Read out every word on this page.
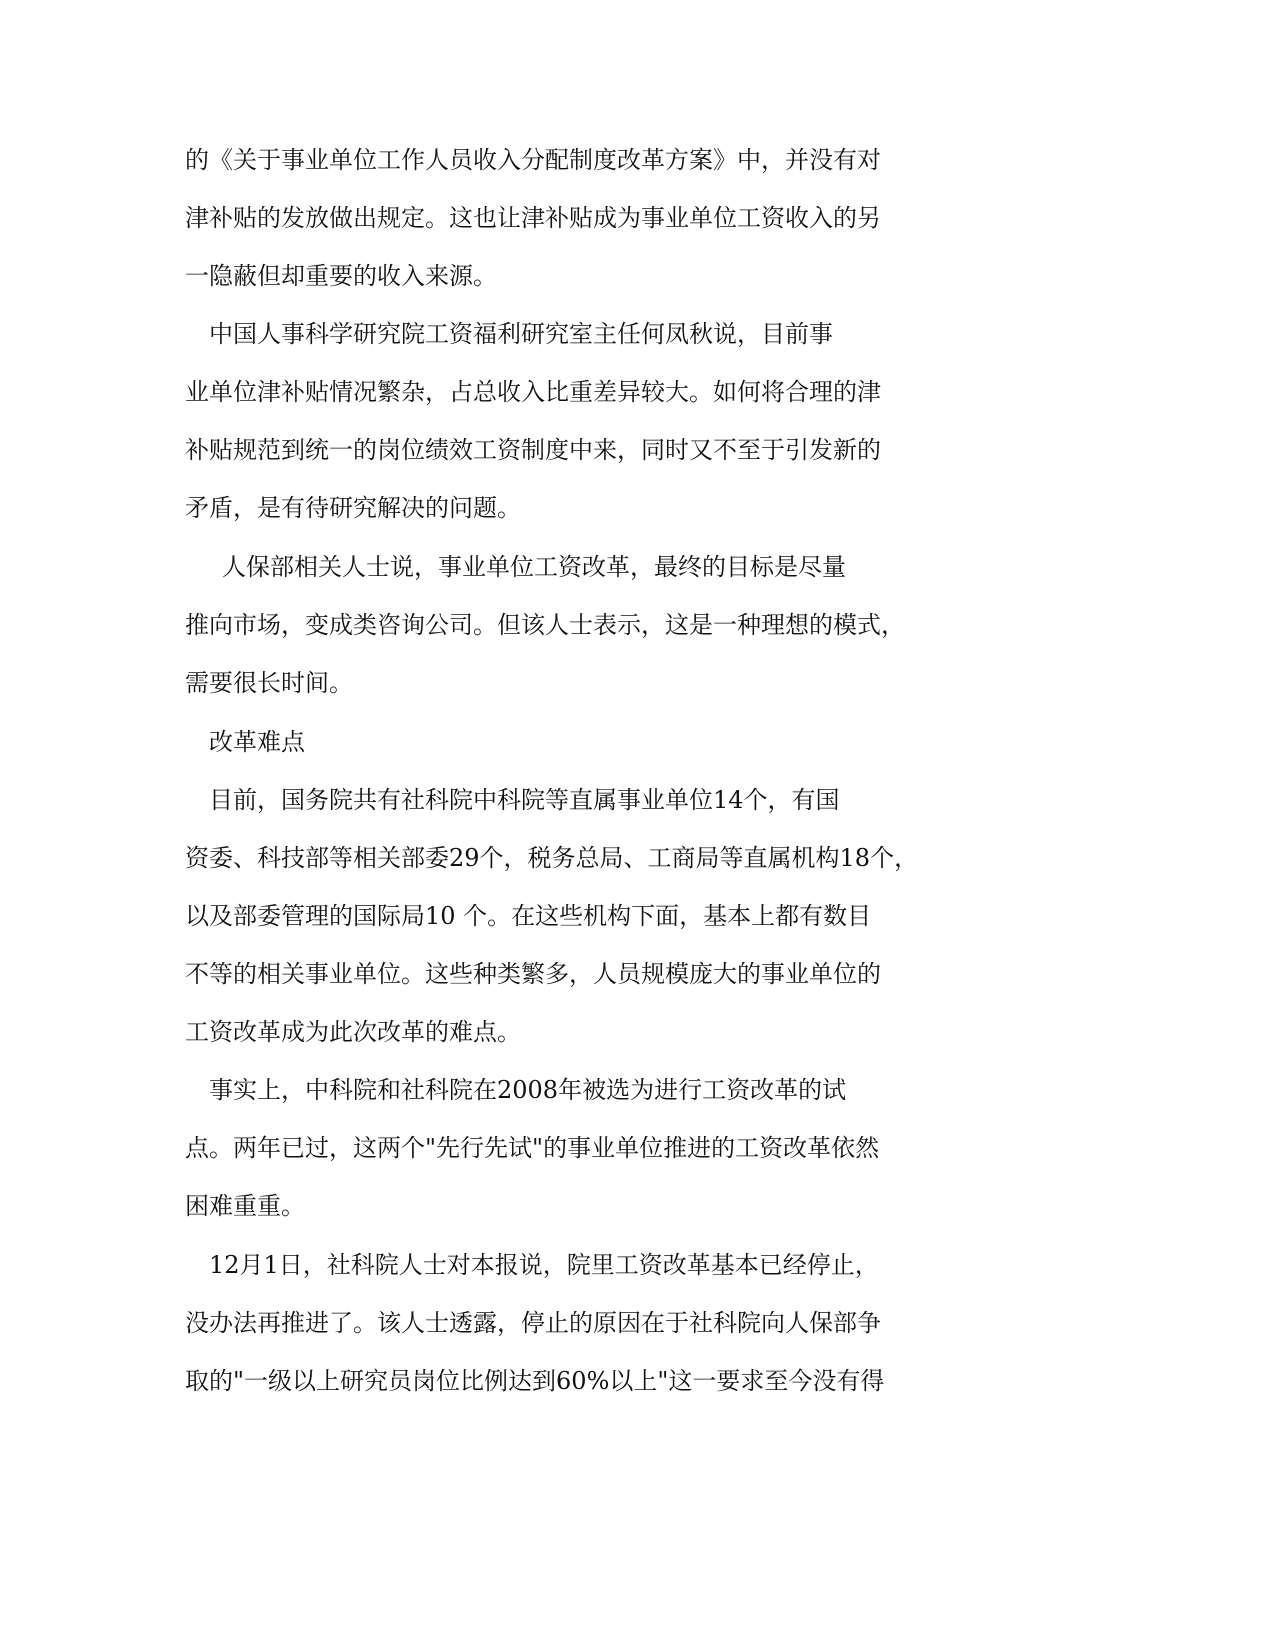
的《关于事业单位工作人员收入分配制度改革方案》中，并没有对

津补贴的发放做出规定。这也让津补贴成为事业单位工资收入的另

一隐蔽但却重要的收入来源。

中国人事科学研究院工资福利研究室主任何凤秋说，目前事

业单位津补贴情况繁杂，占总收入比重差异较大。如何将合理的津

补贴规范到统一的岗位绩效工资制度中来，同时又不至于引发新的

矛盾，是有待研究解决的问题。

人保部相关人士说，事业单位工资改革，最终的目标是尽量

推向市场，变成类咨询公司。但该人士表示，这是一种理想的模式，

需要很长时间。

改革难点

目前，国务院共有社科院中科院等直属事业单位14个，有国

资委、科技部等相关部委29个，税务总局、工商局等直属机构18个，

以及部委管理的国际局10 个。在这些机构下面，基本上都有数目

不等的相关事业单位。这些种类繁多，人员规模庞大的事业单位的

工资改革成为此次改革的难点。

事实上，中科院和社科院在2008年被选为进行工资改革的试

点。两年已过，这两个"先行先试"的事业单位推进的工资改革依然

困难重重。

12月1日，社科院人士对本报说，院里工资改革基本已经停止，

没办法再推进了。该人士透露，停止的原因在于社科院向人保部争

取的"一级以上研究员岗位比例达到60%以上"这一要求至今没有得
